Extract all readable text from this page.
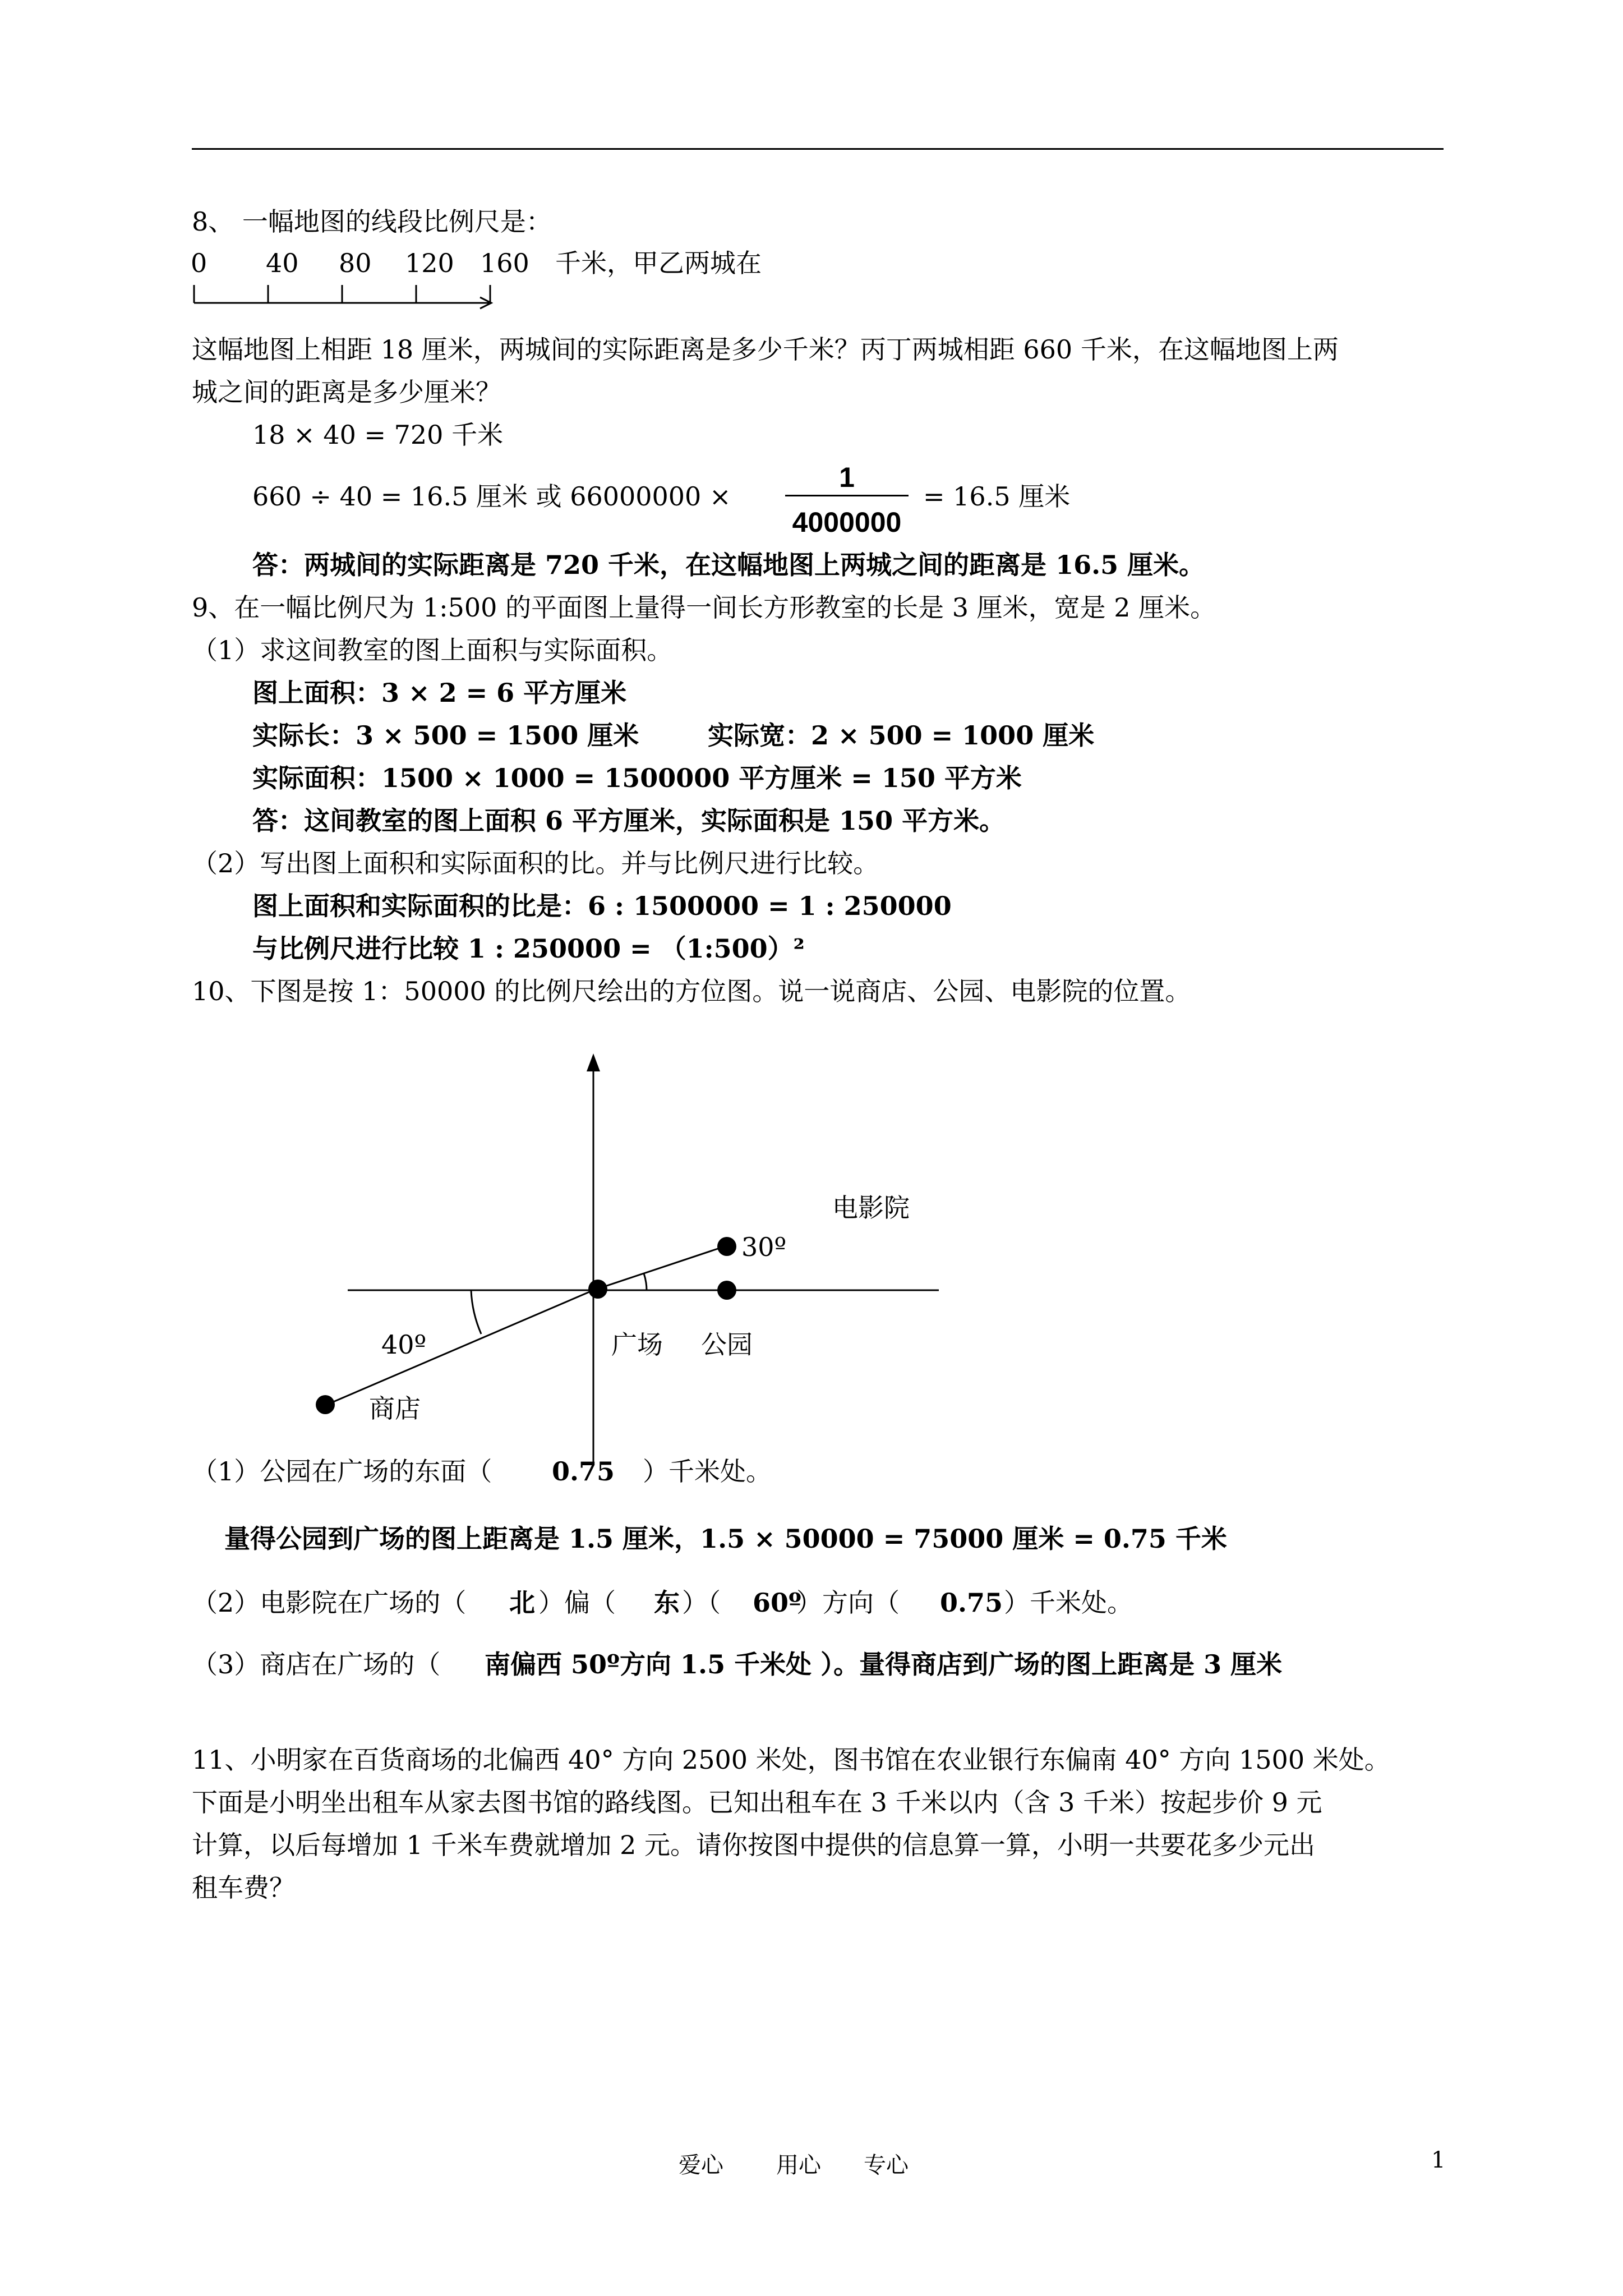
8、 一幅地图的线段比例尺是：
0 40 80 120 160 千米，甲乙两城在
这幅地图上相距 18 厘米，两城间的实际距离是多少千米？丙丁两城相距 660 千米，在这幅地图上两
城之间的距离是多少厘米？
18 × 40 = 720 千米
660 ÷ 40 = 16.5 厘米 或 66000000 ×
1
4000000
= 16.5 厘米
答：两城间的实际距离是 720 千米，在这幅地图上两城之间的距离是 16.5 厘米。
9、在一幅比例尺为 1:500 的平面图上量得一间长方形教室的长是 3 厘米，宽是 2 厘米。
（1）求这间教室的图上面积与实际面积。
图上面积：3 × 2 = 6 平方厘米
实际长：3 × 500 = 1500 厘米	实际宽：2 × 500 = 1000 厘米
实际面积：1500 × 1000 = 1500000 平方厘米 = 150 平方米
答：这间教室的图上面积 6 平方厘米，实际面积是 150 平方米。
（2）写出图上面积和实际面积的比。并与比例尺进行比较。
图上面积和实际面积的比是：6 : 1500000 = 1 : 250000
与比例尺进行比较 1 : 250000 = （1:500）²
10、下图是按 1：50000 的比例尺绘出的方位图。说一说商店、公园、电影院的位置。
电影院
30º
40º	广场 公园
商店
（1）公园在广场的东面（ 0.75 ）千米处。
量得公园到广场的图上距离是 1.5 厘米，1.5 × 50000 = 75000 厘米 = 0.75 千米
（2）电影院在广场的（ 北 ）偏（ 东 ）（ 60º
）方向（ 0.75 ）千米处。
（3）商店在广场的（ 南偏西 50º方向 1.5 千米处 ）。量得商店到广场的图上距离是 3 厘米
11、小明家在百货商场的北偏西 40° 方向 2500 米处，图书馆在农业银行东偏南 40° 方向 1500 米处。
下面是小明坐出租车从家去图书馆的路线图。已知出租车在 3 千米以内（含 3 千米）按起步价 9 元
计算，以后每增加 1 千米车费就增加 2 元。请你按图中提供的信息算一算，小明一共要花多少元出
租车费？
爱心 用心 专心	1
